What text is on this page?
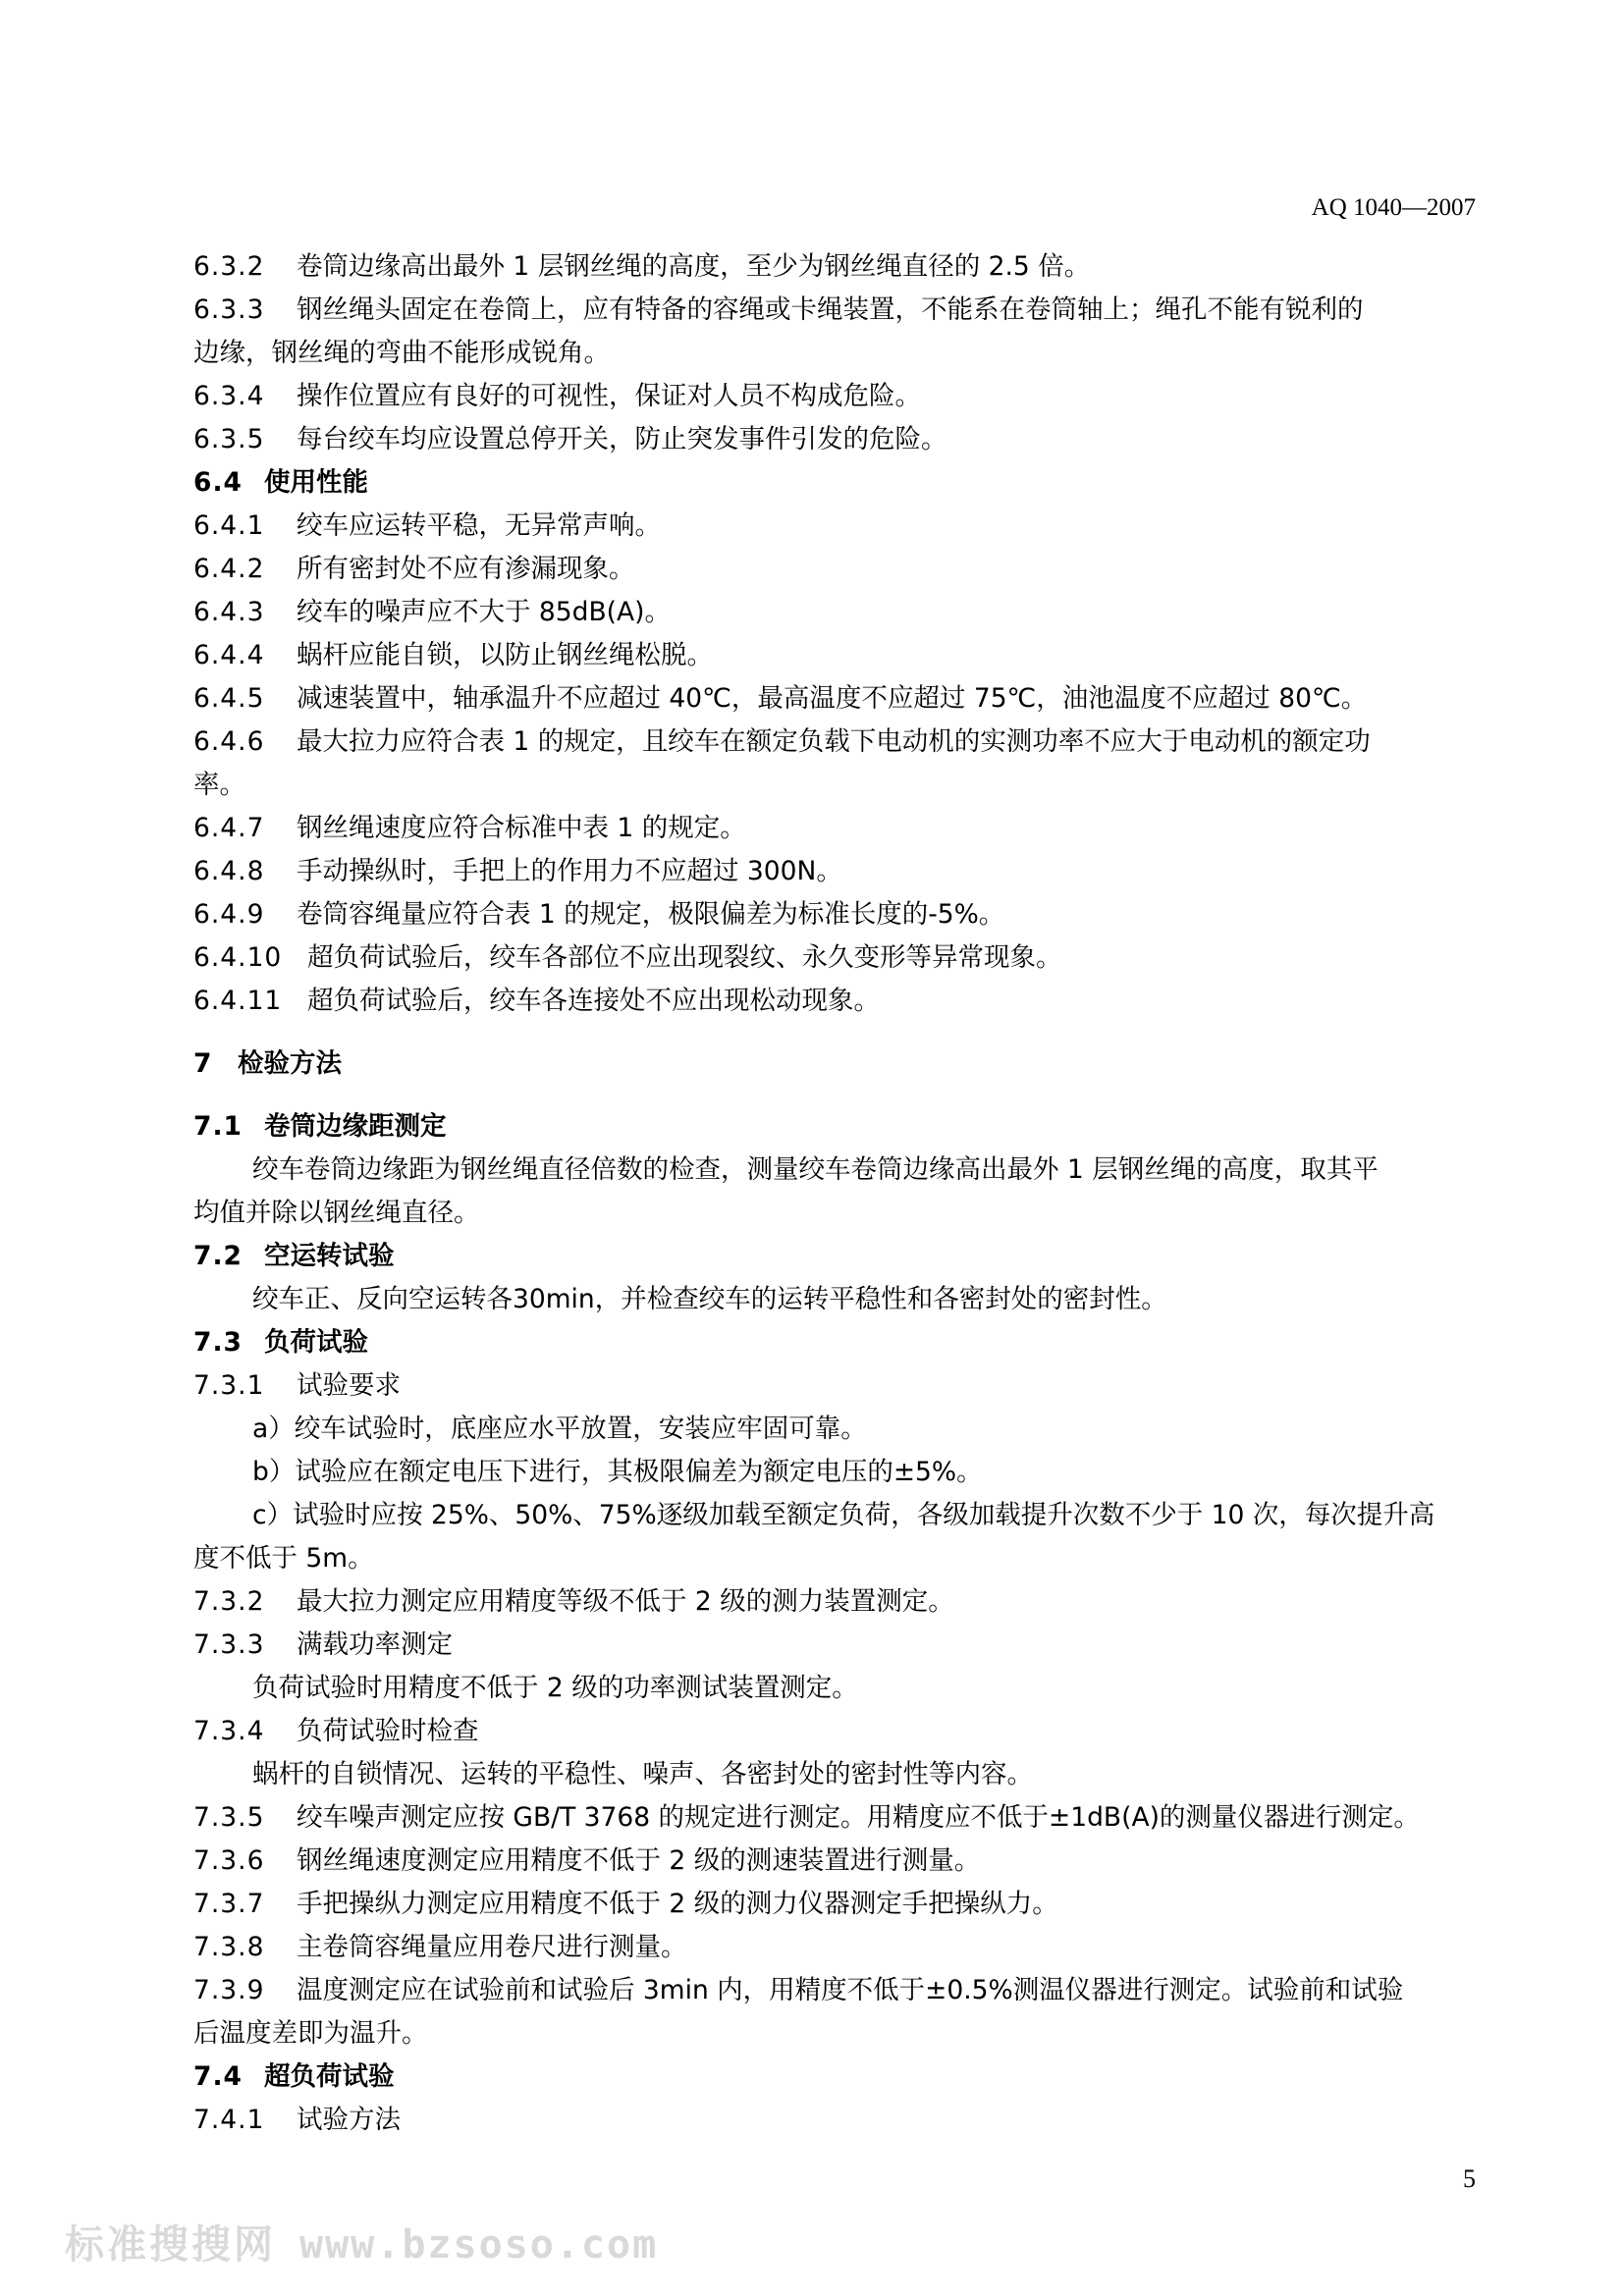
AQ 1040—2007
6.3.2 卷筒边缘高出最外 1 层钢丝绳的高度，至少为钢丝绳直径的 2.5 倍。
6.3.3 钢丝绳头固定在卷筒上，应有特备的容绳或卡绳装置，不能系在卷筒轴上；绳孔不能有锐利的
边缘，钢丝绳的弯曲不能形成锐角。
6.3.4 操作位置应有良好的可视性，保证对人员不构成危险。
6.3.5 每台绞车均应设置总停开关，防止突发事件引发的危险。
6.4 使用性能
6.4.1 绞车应运转平稳，无异常声响。
6.4.2 所有密封处不应有渗漏现象。
6.4.3 绞车的噪声应不大于 85dB(A)。
6.4.4 蜗杆应能自锁，以防止钢丝绳松脱。
6.4.5 减速装置中，轴承温升不应超过 40℃，最高温度不应超过 75℃，油池温度不应超过 80℃。
6.4.6 最大拉力应符合表 1 的规定，且绞车在额定负载下电动机的实测功率不应大于电动机的额定功
率。
6.4.7 钢丝绳速度应符合标准中表 1 的规定。
6.4.8 手动操纵时，手把上的作用力不应超过 300N。
6.4.9 卷筒容绳量应符合表 1 的规定，极限偏差为标准长度的-5%。
6.4.10 超负荷试验后，绞车各部位不应出现裂纹、永久变形等异常现象。
6.4.11 超负荷试验后，绞车各连接处不应出现松动现象。
7 检验方法
7.1 卷筒边缘距测定
绞车卷筒边缘距为钢丝绳直径倍数的检查，测量绞车卷筒边缘高出最外 1 层钢丝绳的高度，取其平
均值并除以钢丝绳直径。
7.2 空运转试验
绞车正、反向空运转各30min，并检查绞车的运转平稳性和各密封处的密封性。
7.3 负荷试验
7.3.1 试验要求
a）绞车试验时，底座应水平放置，安装应牢固可靠。
b）试验应在额定电压下进行，其极限偏差为额定电压的±5%。
c）试验时应按 25%、50%、75%逐级加载至额定负荷，各级加载提升次数不少于 10 次，每次提升高
度不低于 5m。
7.3.2 最大拉力测定应用精度等级不低于 2 级的测力装置测定。
7.3.3 满载功率测定
负荷试验时用精度不低于 2 级的功率测试装置测定。
7.3.4 负荷试验时检查
蜗杆的自锁情况、运转的平稳性、噪声、各密封处的密封性等内容。
7.3.5 绞车噪声测定应按 GB/T 3768 的规定进行测定。用精度应不低于±1dB(A)的测量仪器进行测定。
7.3.6 钢丝绳速度测定应用精度不低于 2 级的测速装置进行测量。
7.3.7 手把操纵力测定应用精度不低于 2 级的测力仪器测定手把操纵力。
7.3.8 主卷筒容绳量应用卷尺进行测量。
7.3.9 温度测定应在试验前和试验后 3min 内，用精度不低于±0.5%测温仪器进行测定。试验前和试验
后温度差即为温升。
7.4 超负荷试验
7.4.1 试验方法
5
标准搜搜网 www.bzsoso.com
